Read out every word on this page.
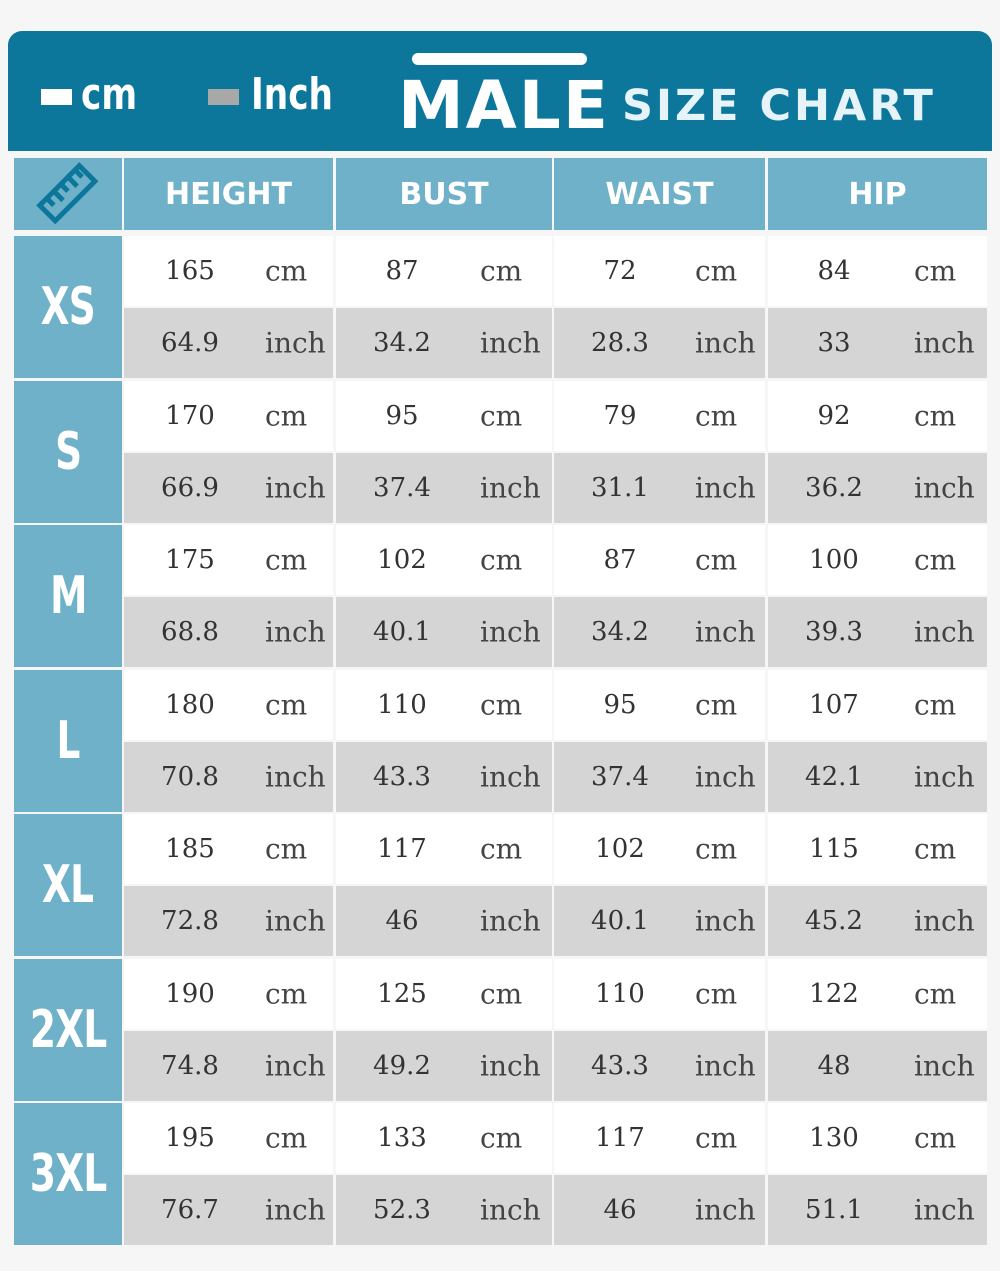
cm	Inch MALE SIZE CHART
HEIGHT	BUST	WAIST	HIP
XS
165	cm	87	cm	72	cm	84	cm
64.9	inch	34.2	inch	28.3	inch	33	inch
S
170	cm	95	cm	79	cm	92	cm
66.9	inch	37.4	inch	31.1	inch	36.2	inch
M
175	cm	102	cm	87	cm	100	cm
68.8	inch	40.1	inch	34.2	inch	39.3	inch
L
180	cm	110	cm	95	cm	107	cm
70.8	inch	43.3	inch	37.4	inch	42.1	inch
XL
185	cm	117	cm	102	cm	115	cm
72.8	inch	46	inch	40.1	inch	45.2	inch
2XL
190	cm	125	cm	110	cm	122	cm
74.8	inch	49.2	inch	43.3	inch	48	inch
3XL
195	cm	133	cm	117	cm	130	cm
76.7	inch	52.3	inch	46	inch	51.1	inch
